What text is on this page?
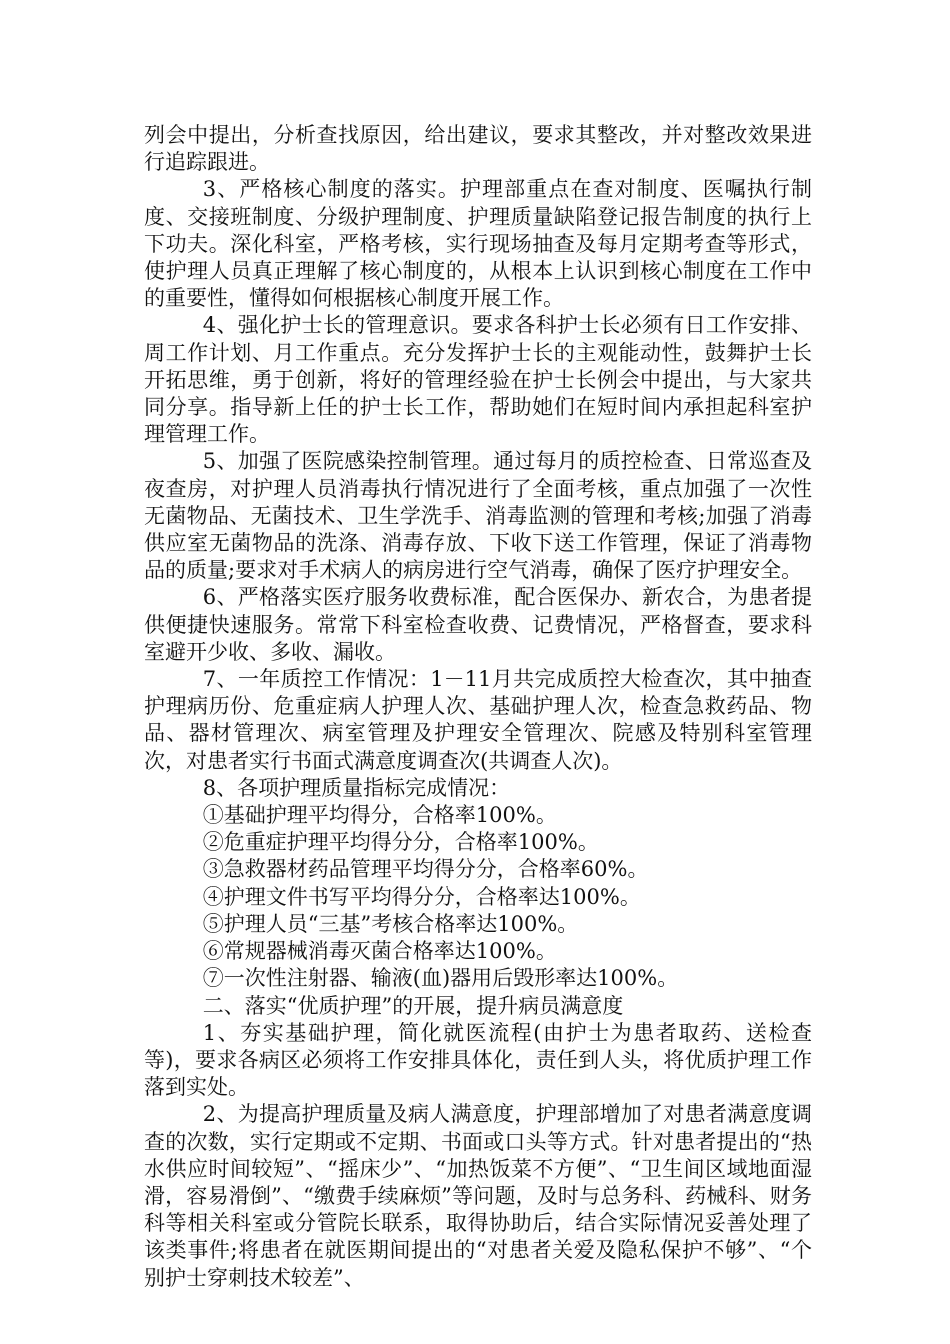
列会中提出，分析查找原因，给出建议，要求其整改，并对整改效果进行追踪跟进。

3、严格核心制度的落实。护理部重点在查对制度、医嘱执行制度、交接班制度、分级护理制度、护理质量缺陷登记报告制度的执行上下功夫。深化科室，严格考核，实行现场抽查及每月定期考查等形式，使护理人员真正理解了核心制度的，从根本上认识到核心制度在工作中的重要性，懂得如何根据核心制度开展工作。

4、强化护士长的管理意识。要求各科护士长必须有日工作安排、周工作计划、月工作重点。充分发挥护士长的主观能动性，鼓舞护士长开拓思维，勇于创新，将好的管理经验在护士长例会中提出，与大家共同分享。指导新上任的护士长工作，帮助她们在短时间内承担起科室护理管理工作。

5、加强了医院感染控制管理。通过每月的质控检查、日常巡查及夜查房，对护理人员消毒执行情况进行了全面考核，重点加强了一次性无菌物品、无菌技术、卫生学洗手、消毒监测的管理和考核;加强了消毒供应室无菌物品的洗涤、消毒存放、下收下送工作管理，保证了消毒物品的质量;要求对手术病人的病房进行空气消毒，确保了医疗护理安全。

6、严格落实医疗服务收费标准，配合医保办、新农合，为患者提供便捷快速服务。常常下科室检查收费、记费情况，严格督查，要求科室避开少收、多收、漏收。

7、一年质控工作情况：1－11月共完成质控大检查次，其中抽查护理病历份、危重症病人护理人次、基础护理人次，检查急救药品、物品、器材管理次、病室管理及护理安全管理次、院感及特别科室管理次，对患者实行书面式满意度调查次(共调查人次)。

8、各项护理质量指标完成情况：

①基础护理平均得分，合格率100%。

②危重症护理平均得分分，合格率100%。

③急救器材药品管理平均得分分，合格率60%。

④护理文件书写平均得分分，合格率达100%。

⑤护理人员“三基”考核合格率达100%。

⑥常规器械消毒灭菌合格率达100%。

⑦一次性注射器、输液(血)器用后毁形率达100%。

二、落实“优质护理”的开展，提升病员满意度

1、夯实基础护理，简化就医流程(由护士为患者取药、送检查等)，要求各病区必须将工作安排具体化，责任到人头，将优质护理工作落到实处。

2、为提高护理质量及病人满意度，护理部增加了对患者满意度调查的次数，实行定期或不定期、书面或口头等方式。针对患者提出的“热水供应时间较短”、“摇床少”、“加热饭菜不方便”、“卫生间区域地面湿滑，容易滑倒”、“缴费手续麻烦”等问题，及时与总务科、药械科、财务科等相关科室或分管院长联系，取得协助后，结合实际情况妥善处理了该类事件;将患者在就医期间提出的“对患者关爱及隐私保护不够”、“个别护士穿刺技术较差”、
